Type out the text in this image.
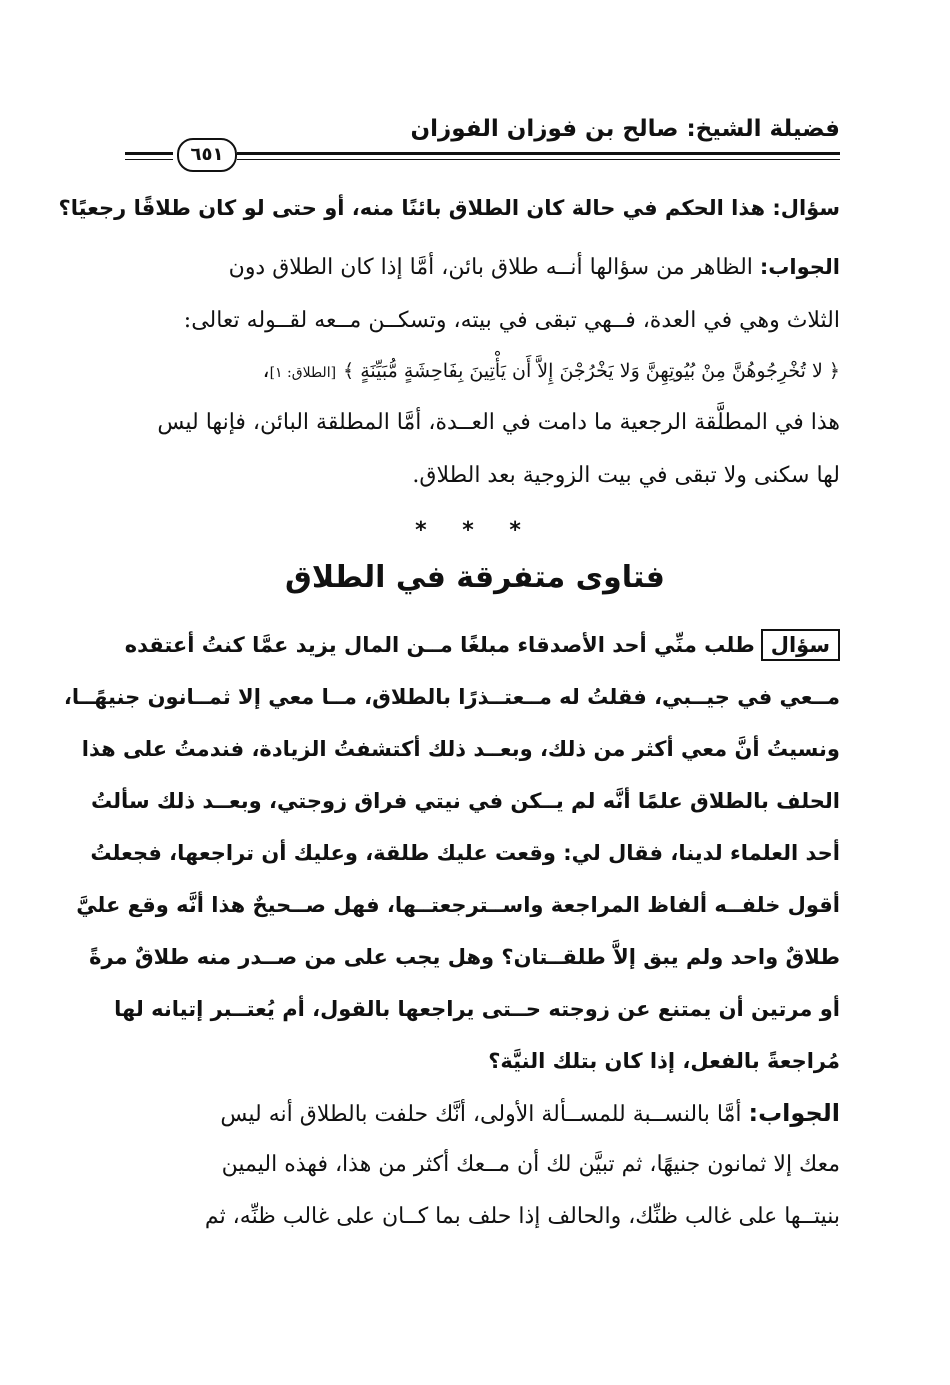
فضيلة الشيخ: صالح بن فوزان الفوزان
٦٥١
سؤال: هذا الحكم في حالة كان الطلاق بائنًا منه، أو حتى لو كان طلاقًا رجعيًا؟
الجواب: الظاهر من سؤالها أنــه طلاق بائن، أمَّا إذا كان الطلاق دون
الثلاث وهي في العدة، فــهي تبقى في بيته، وتسكــن مــعه لقــوله تعالى:
﴿ لا تُخْرِجُوهُنَّ مِنْ بُيُوتِهِنَّ وَلا يَخْرُجْنَ إِلاَّ أَن يَأْتِينَ بِفَاحِشَةٍ مُّبَيِّنَةٍ ﴾ [الطلاق: ١]،
هذا في المطلَّقة الرجعية ما دامت في العــدة، أمَّا المطلقة البائن، فإنها ليس
لها سكنى ولا تبقى في بيت الزوجية بعد الطلاق.
* * *
فتاوى متفرقة في الطلاق
سؤالطلب منِّي أحد الأصدقاء مبلغًا مــن المال يزيد عمَّا كنتُ أعتقده
مــعي في جيــبي، فقلتُ له مــعتــذرًا بالطلاق، مــا معي إلا ثمــانون جنيهًــا،
ونسيتُ أنَّ معي أكثر من ذلك، وبعــد ذلك أكتشفتُ الزيادة، فندمتُ على هذا
الحلف بالطلاق علمًا أنَّه لم يــكن في نيتي فراق زوجتي، وبعــد ذلك سألتُ
أحد العلماء لدينا، فقال لي: وقعت عليك طلقة، وعليك أن تراجعها، فجعلتُ
أقول خلفــه ألفاظ المراجعة واســترجعتــها، فهل صــحيحٌ هذا أنَّه وقع عليَّ
طلاقٌ واحد ولم يبق إلاَّ طلقــتان؟ وهل يجب على من صــدر منه طلاقٌ مرةً
أو مرتين أن يمتنع عن زوجته حــتى يراجعها بالقول، أم يُعتــبر إتيانه لها
مُراجعةً بالفعل، إذا كان بتلك النيَّة؟
الجواب: أمَّا بالنســبة للمســألة الأولى، أنَّك حلفت بالطلاق أنه ليس
معك إلا ثمانون جنيهًا، ثم تبيَّن لك أن مــعك أكثر من هذا، فهذه اليمين
بنيتــها على غالب ظنِّك، والحالف إذا حلف بما كــان على غالب ظنِّه، ثم
